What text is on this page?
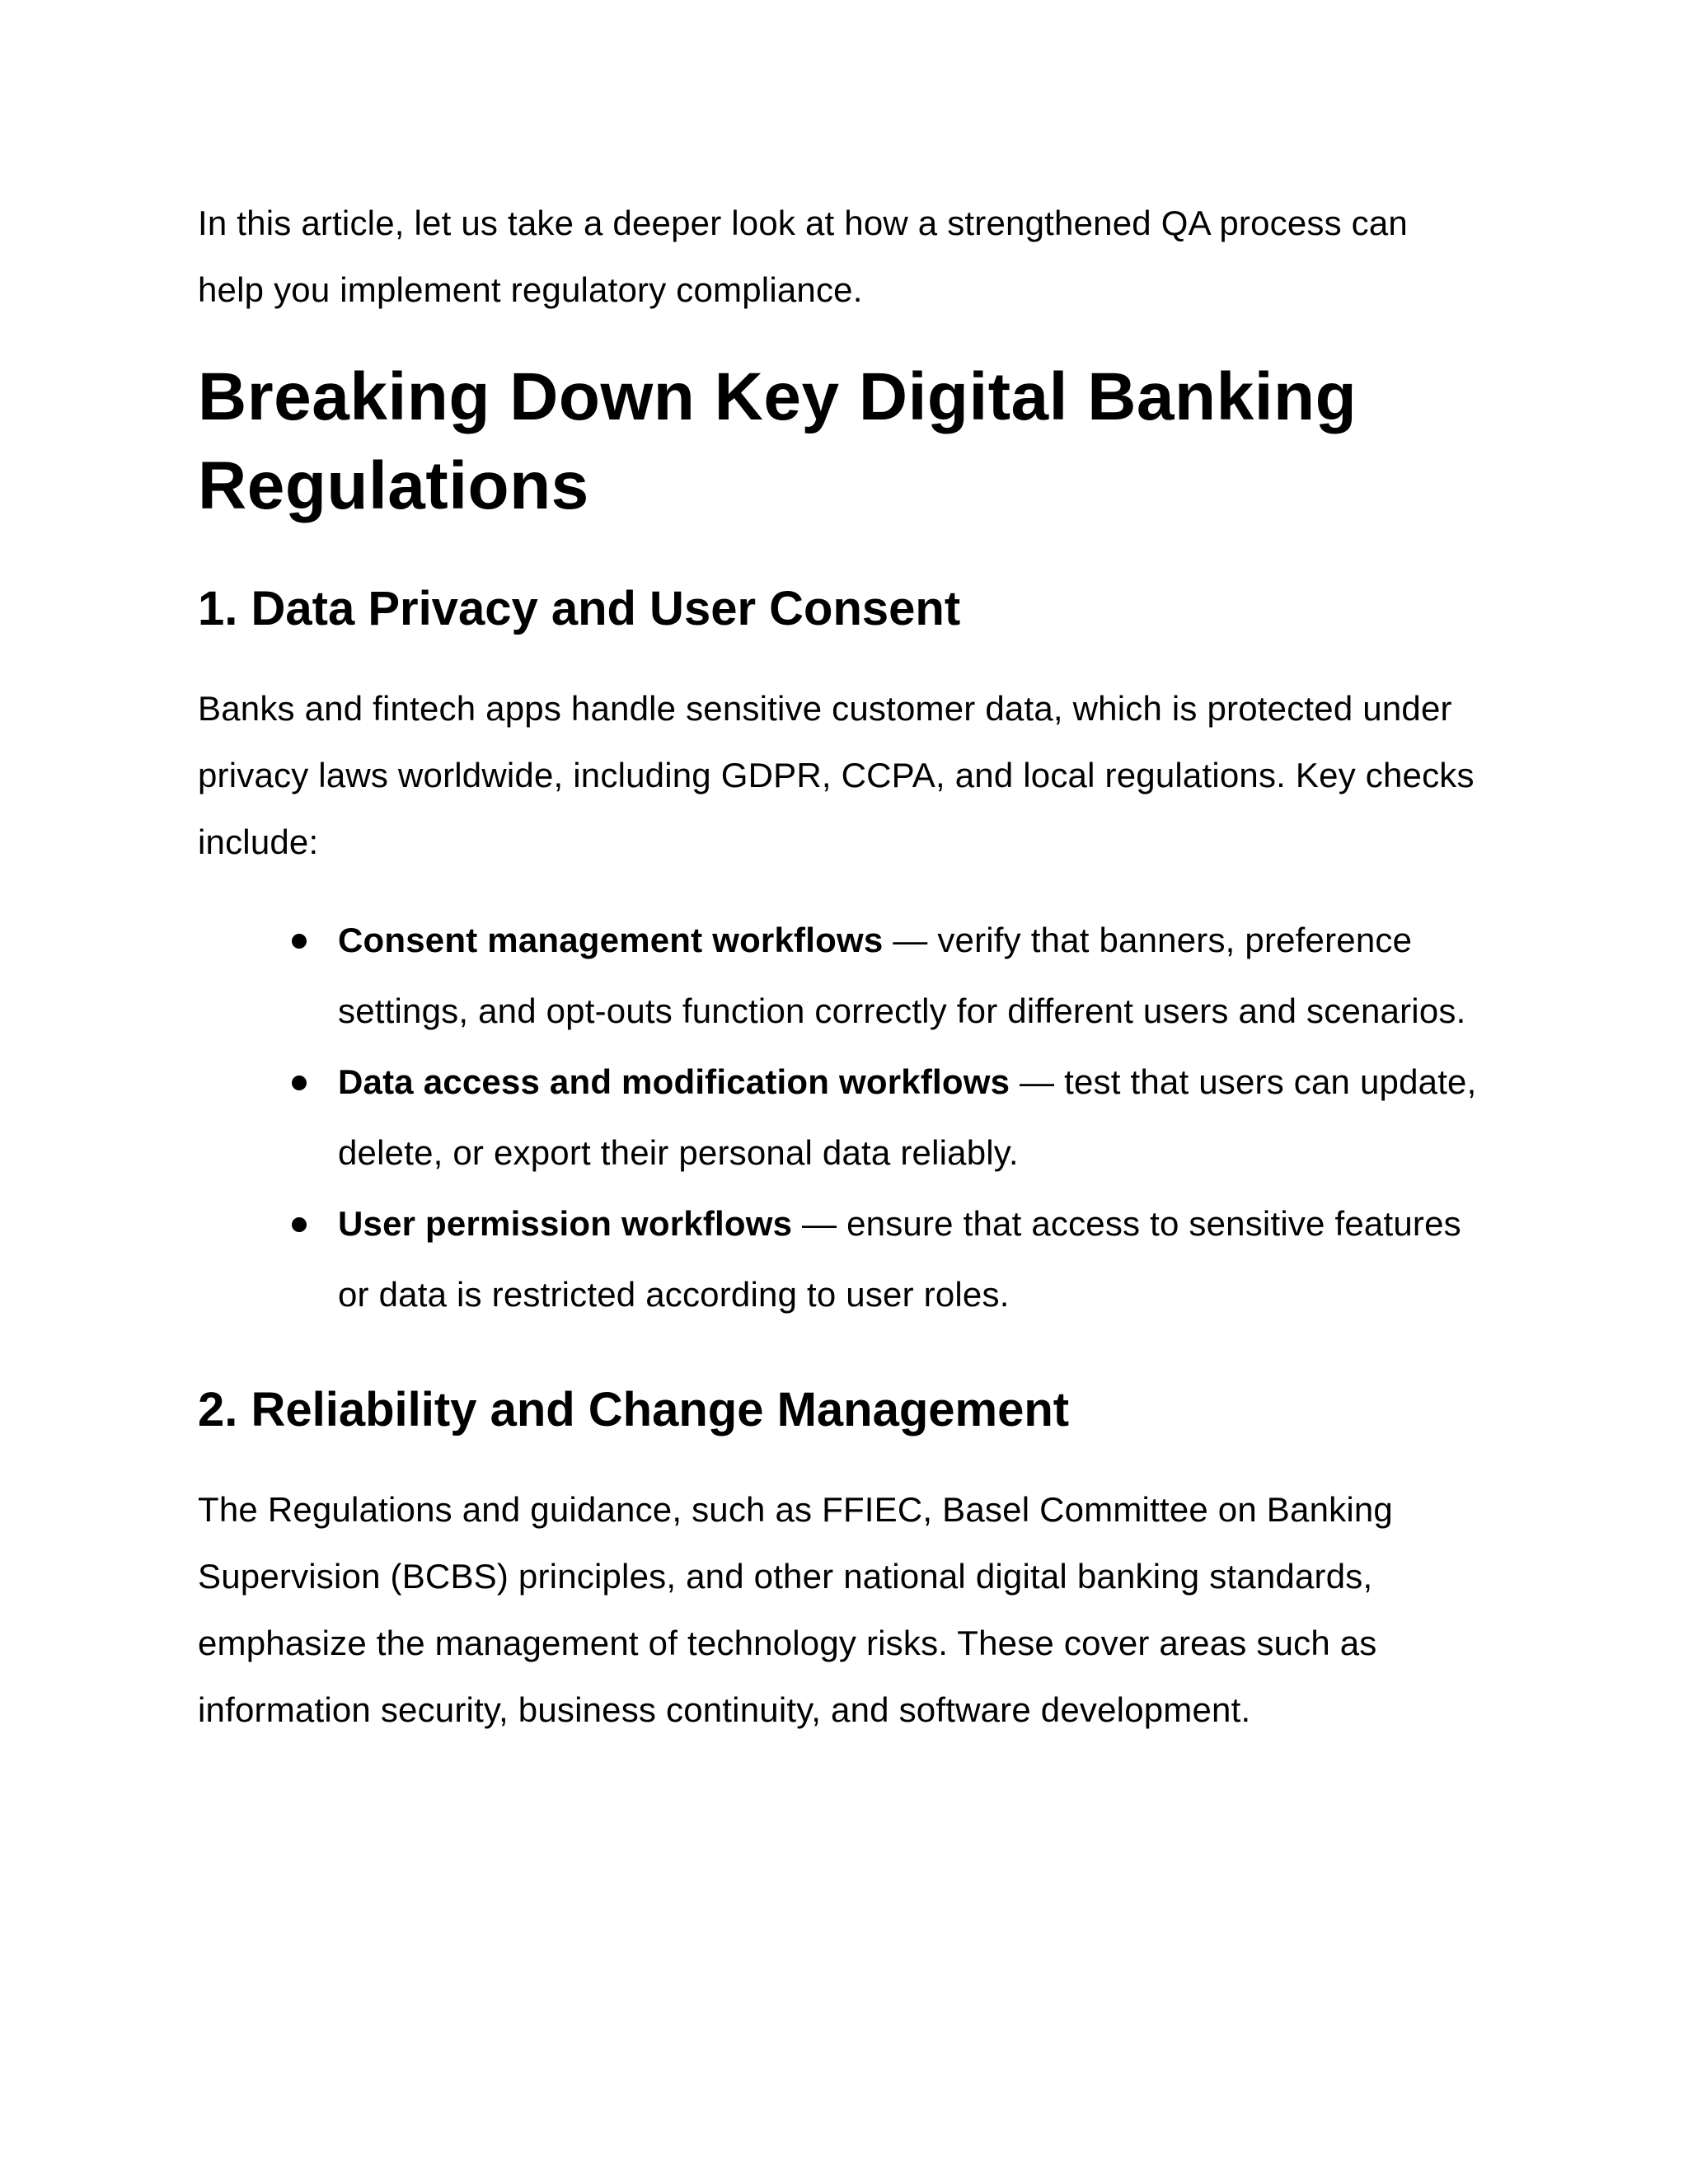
In this article, let us take a deeper look at how a strengthened QA process can help you implement regulatory compliance.

Breaking Down Key Digital Banking Regulations
1. Data Privacy and User Consent

Banks and fintech apps handle sensitive customer data, which is protected under privacy laws worldwide, including GDPR, CCPA, and local regulations. Key checks include:

Consent management workflows — verify that banners, preference settings, and opt-outs function correctly for different users and scenarios.
Data access and modification workflows — test that users can update, delete, or export their personal data reliably.
User permission workflows — ensure that access to sensitive features or data is restricted according to user roles.
2. Reliability and Change Management

The Regulations and guidance, such as FFIEC, Basel Committee on Banking Supervision (BCBS) principles, and other national digital banking standards, emphasize the management of technology risks. These cover areas such as information security, business continuity, and software development.
